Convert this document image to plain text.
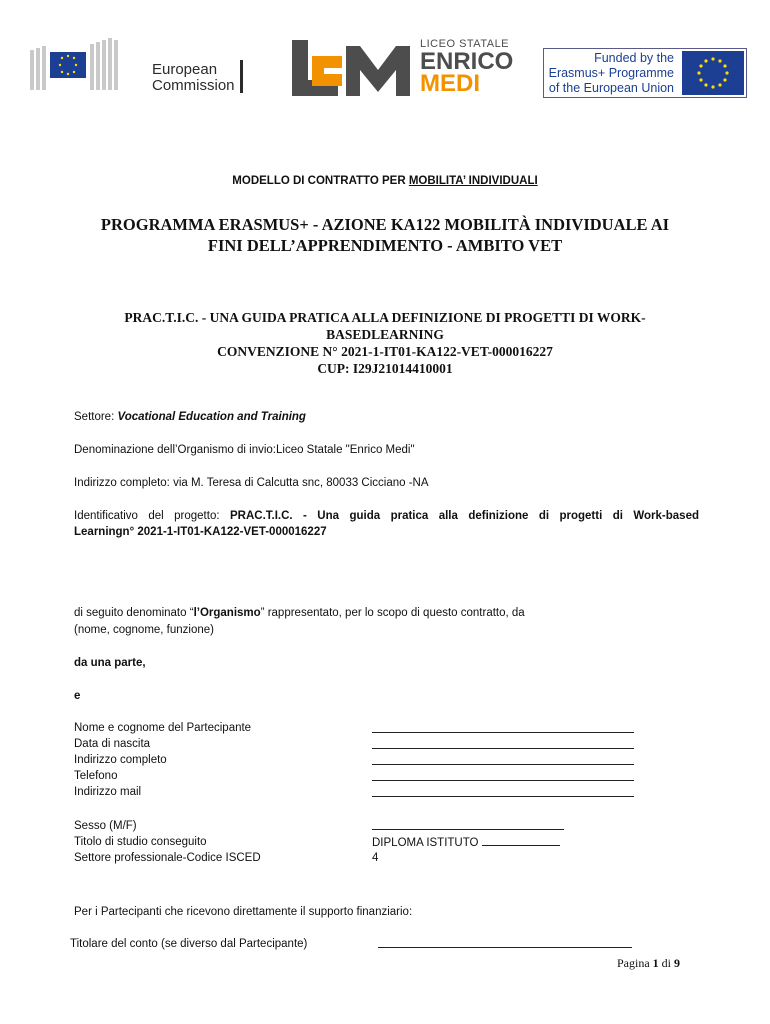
European
Commission
LICEO STATALE
ENRICO
MEDI
Funded by the
Erasmus+ Programme
of the European Union
MODELLO DI CONTRATTO PER MOBILITA’ INDIVIDUALI
PROGRAMMA ERASMUS+ - AZIONE KA122 MOBILITÀ INDIVIDUALE AI
FINI DELL’APPRENDIMENTO - AMBITO VET
PRAC.T.I.C. - UNA GUIDA PRATICA ALLA DEFINIZIONE DI PROGETTI DI WORK-
BASEDLEARNING
CONVENZIONE N° 2021-1-IT01-KA122-VET-000016227
CUP: I29J21014410001
Settore: Vocational Education and Training
Denominazione dell’Organismo di invio:Liceo Statale "Enrico Medi"
Indirizzo completo: via M. Teresa di Calcutta snc, 80033 Cicciano -NA
Identificativo del progetto: PRAC.T.I.C. - Una guida pratica alla definizione di progetti di Work-based
Learningn° 2021-1-IT01-KA122-VET-000016227
di seguito denominato “l’Organismo” rappresentato, per lo scopo di questo contratto, da
(nome, cognome, funzione)
da una parte,
e
Nome e cognome del Partecipante
Data di nascita
Indirizzo completo
Telefono
Indirizzo mail
Sesso (M/F)
Titolo di studio conseguito
Settore professionale-Codice ISCED
DIPLOMA ISTITUTO
4
Per i Partecipanti che ricevono direttamente il supporto finanziario:
Titolare del conto (se diverso dal Partecipante)
Pagina 1 di 9
